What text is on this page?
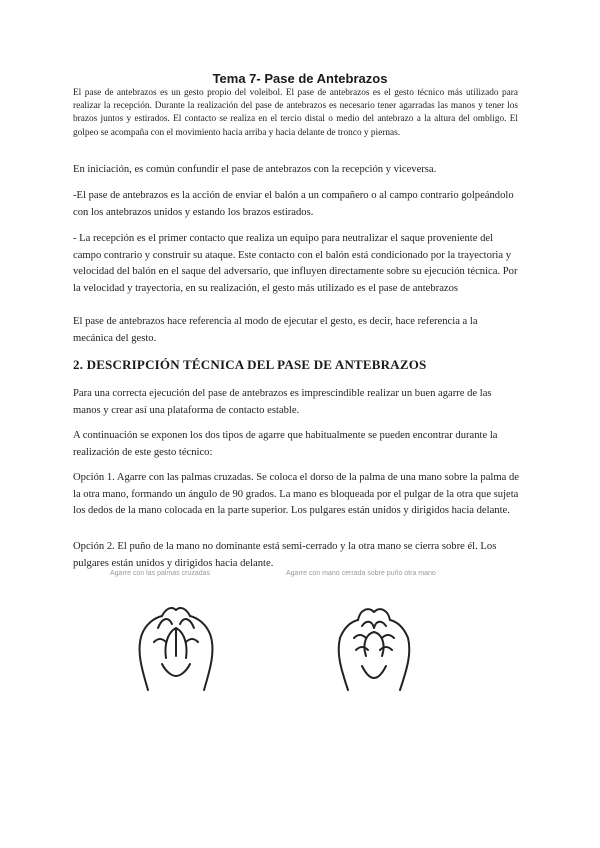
Tema 7- Pase de Antebrazos
El pase de antebrazos es un gesto propio del voleibol. El pase de antebrazos es el gesto técnico más utilizado para realizar la recepción. Durante la realización del pase de antebrazos es necesario tener agarradas las manos y tener los brazos juntos y estirados. El contacto se realiza en el tercio distal o medio del antebrazo a la altura del ombligo. El golpeo se acompaña con el movimiento hacia arriba y hacia delante de tronco y piernas.
En iniciación, es común confundir el pase de antebrazos con la recepción y viceversa.
-El pase de antebrazos es la acción de enviar el balón a un compañero o al campo contrario golpeándolo con los antebrazos unidos y estando los brazos estirados.
- La recepción es el primer contacto que realiza un equipo para neutralizar el saque proveniente del campo contrario y construir su ataque. Este contacto con el balón está condicionado por la trayectoria y velocidad del balón en el saque del adversario, que influyen directamente sobre su ejecución técnica. Por la velocidad y trayectoria, en su realización, el gesto más utilizado es el pase de antebrazos
El pase de antebrazos hace referencia al modo de ejecutar el gesto, es decir, hace referencia a la mecánica del gesto.
2. DESCRIPCIÓN TÉCNICA DEL PASE DE ANTEBRAZOS
Para una correcta ejecución del pase de antebrazos es imprescindible realizar un buen agarre de las manos y crear así una plataforma de contacto estable.
A continuación se exponen los dos tipos de agarre que habitualmente se pueden encontrar durante la realización de este gesto técnico:
Opción 1. Agarre con las palmas cruzadas. Se coloca el dorso de la palma de una mano sobre la palma de la otra mano, formando un ángulo de 90 grados. La mano es bloqueada por el pulgar de la otra que sujeta los dedos de la mano colocada en la parte superior. Los pulgares están unidos y dirigidos hacia delante.
Opción 2. El puño de la mano no dominante está semi-cerrado y la otra mano se cierra sobre él. Los pulgares están unidos y dirigidos hacia delante.
Agarre con las palmas cruzadas	Agarre con mano cerrada sobre puño otra mano
